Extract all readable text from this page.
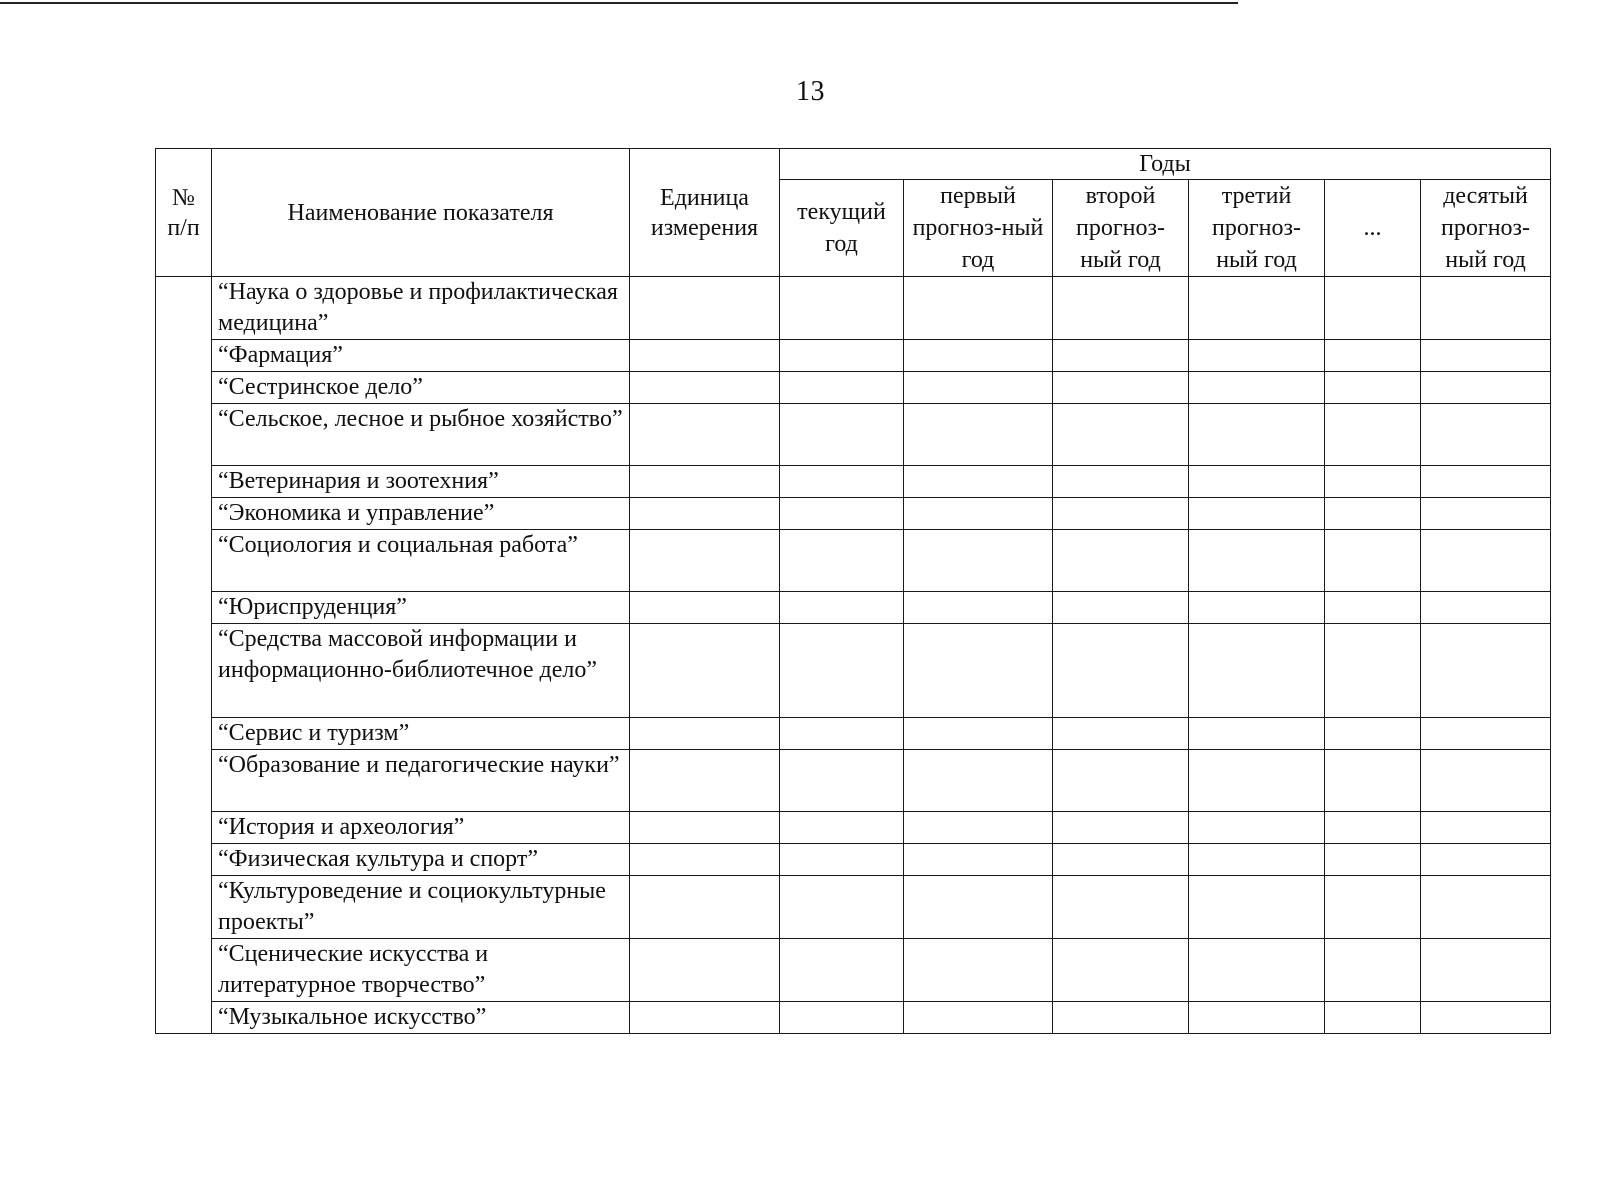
13
№ п/п	Наименование показателя	Единица измерения	Годы					
			текущий год	первый прогноз-ный год	второй прогноз-ный год	третий прогноз-ный год	...	десятый прогноз-ный год
	“Наука о здоровье и профилактическая медицина”							
	“Фармация”							
	“Сестринское дело”							
	“Сельское, лесное и рыбное хозяйство”							
	“Ветеринария и зоотехния”							
	“Экономика и управление”							
	“Социология и социальная работа”							
	“Юриспруденция”							
	“Средства массовой информации и информационно-библиотечное дело”							
	“Сервис и туризм”							
	“Образование и педагогические науки”							
	“История и археология”							
	“Физическая культура и спорт”							
	“Культуроведение и социокультурные проекты”							
	“Сценические искусства и литературное творчество”							
	“Музыкальное искусство”							
